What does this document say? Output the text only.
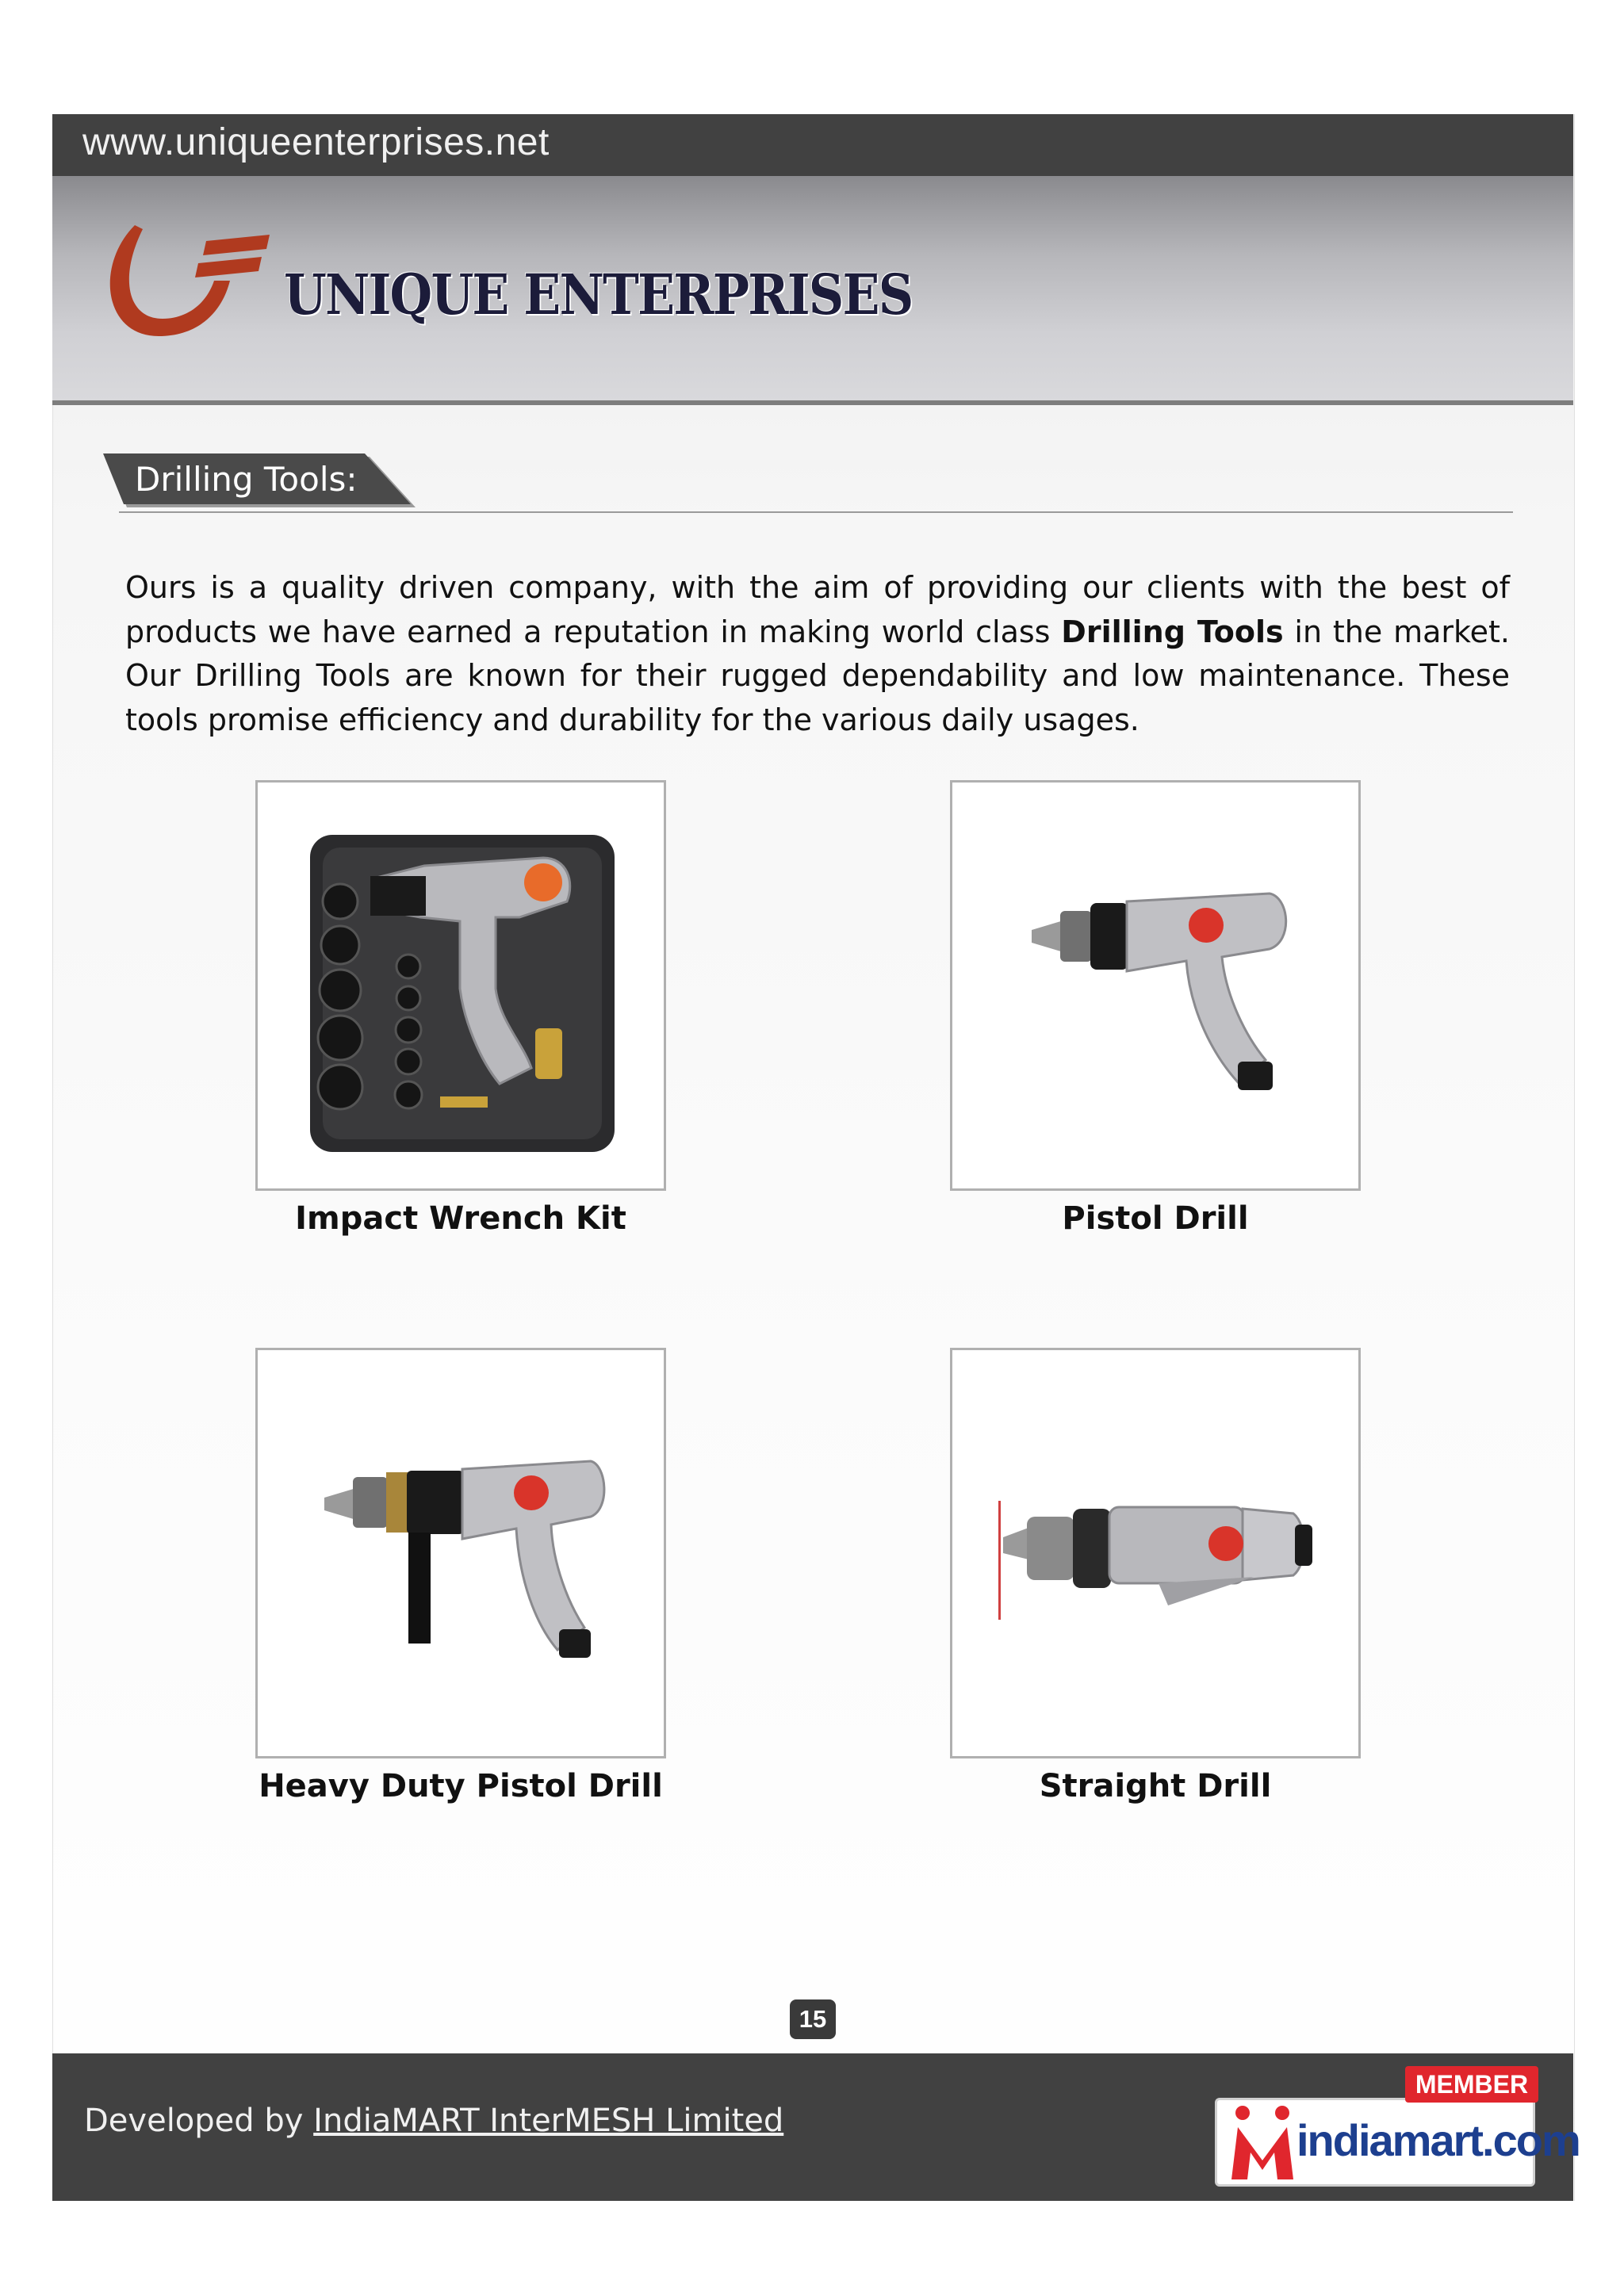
www.uniqueenterprises.net
UNIQUE ENTERPRISES
Drilling Tools:

Ours is a quality driven company, with the aim of providing our clients with the best of products we have earned a reputation in making world class Drilling Tools in the market. Our Drilling Tools are known for their rugged dependability and low maintenance. These tools promise efficiency and durability for the various daily usages.

Impact Wrench Kit	Pistol Drill
Heavy Duty Pistol Drill	Straight Drill
15
Developed by IndiaMART InterMESH Limited	indiamart.com
MEMBER
